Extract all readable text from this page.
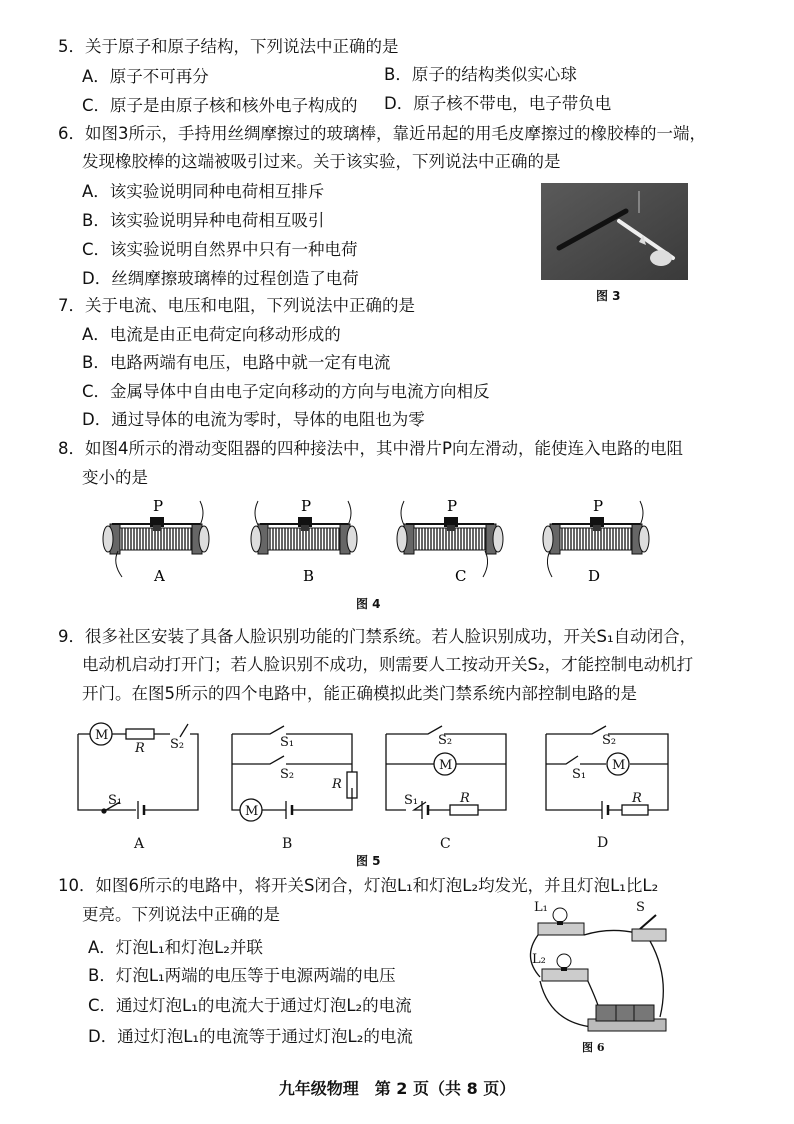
5．关于原子和原子结构，下列说法中正确的是
A．原子不可再分	B．原子的结构类似实心球
C．原子是由原子核和核外电子构成的 D．原子核不带电，电子带负电
6．如图3所示，手持用丝绸摩擦过的玻璃棒，靠近吊起的用毛皮摩擦过的橡胶棒的一端，
发现橡胶棒的这端被吸引过来。关于该实验，下列说法中正确的是
A．该实验说明同种电荷相互排斥
B．该实验说明异种电荷相互吸引
C．该实验说明自然界中只有一种电荷
D．丝绸摩擦玻璃棒的过程创造了电荷
图 3
7．关于电流、电压和电阻，下列说法中正确的是
A．电流是由正电荷定向移动形成的
B．电路两端有电压，电路中就一定有电流
C．金属导体中自由电子定向移动的方向与电流方向相反
D．通过导体的电流为零时，导体的电阻也为零
8．如图4所示的滑动变阻器的四种接法中，其中滑片P向左滑动，能使连入电路的电阻
变小的是
P	P	P	P
A	B	C	D
图 4
9．很多社区安装了具备人脸识别功能的门禁系统。若人脸识别成功，开关S₁自动闭合，
电动机启动打开门；若人脸识别不成功，则需要人工按动开关S₂，才能控制电动机打
开门。在图5所示的四个电路中，能正确模拟此类门禁系统内部控制电路的是
M
R S₂
S₁
A
S₁
S₂
R
M
B
S₂
M
S₁	R
C
S₂
S₁
M
R
D
图 5
10．如图6所示的电路中，将开关S闭合，灯泡L₁和灯泡L₂均发光，并且灯泡L₁比L₂
更亮。下列说法中正确的是
A．灯泡L₁和灯泡L₂并联
B．灯泡L₁两端的电压等于电源两端的电压
C．通过灯泡L₁的电流大于通过灯泡L₂的电流
D．通过灯泡L₁的电流等于通过灯泡L₂的电流
L₁	S
L₂
图 6
九年级物理　第 2 页（共 8 页）
